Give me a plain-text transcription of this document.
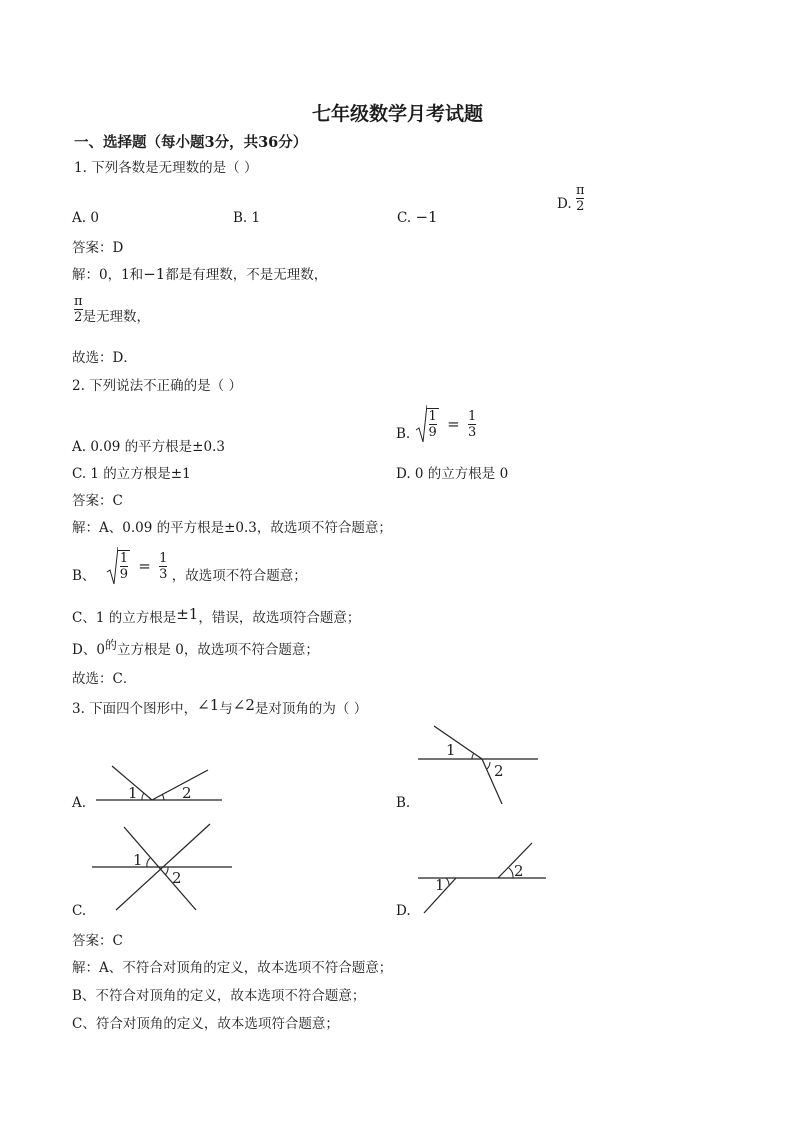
七年级数学月考试题
一、选择题（每小题3分，共36分）
1. 下列各数是无理数的是（ ）
A. 0	B. 1	C. −1
D. $\frac{\pi}{2}$
答案：D
解：0，1和−1都是有理数，不是无理数，
$\frac{\pi}{2}$ 是无理数，
故选：D．
2. 下列说法不正确的是（ ）
A. 0.09 的平方根是±0.3
B. $\frac{1}{9} = \frac{1}{3}$
C. 1 的立方根是±1	D. 0 的立方根是 0
答案：C
解：A、0.09 的平方根是±0.3，故选项不符合题意；
B、 $\frac{1}{9} = \frac{1}{3}$ ，故选项不符合题意；
C、1 的立方根是±1，错误，故选项符合题意；
D、0的立方根是 0，故选项不符合题意；
故选：C．
3. 下面四个图形中，∠1与∠2是对顶角的为（ ）
A.
1	2
B.
1
2
C.
1
2
D.
1
2
答案：C
解：A、不符合对顶角的定义，故本选项不符合题意；
B、不符合对顶角的定义，故本选项不符合题意；
C、符合对顶角的定义，故本选项符合题意；
